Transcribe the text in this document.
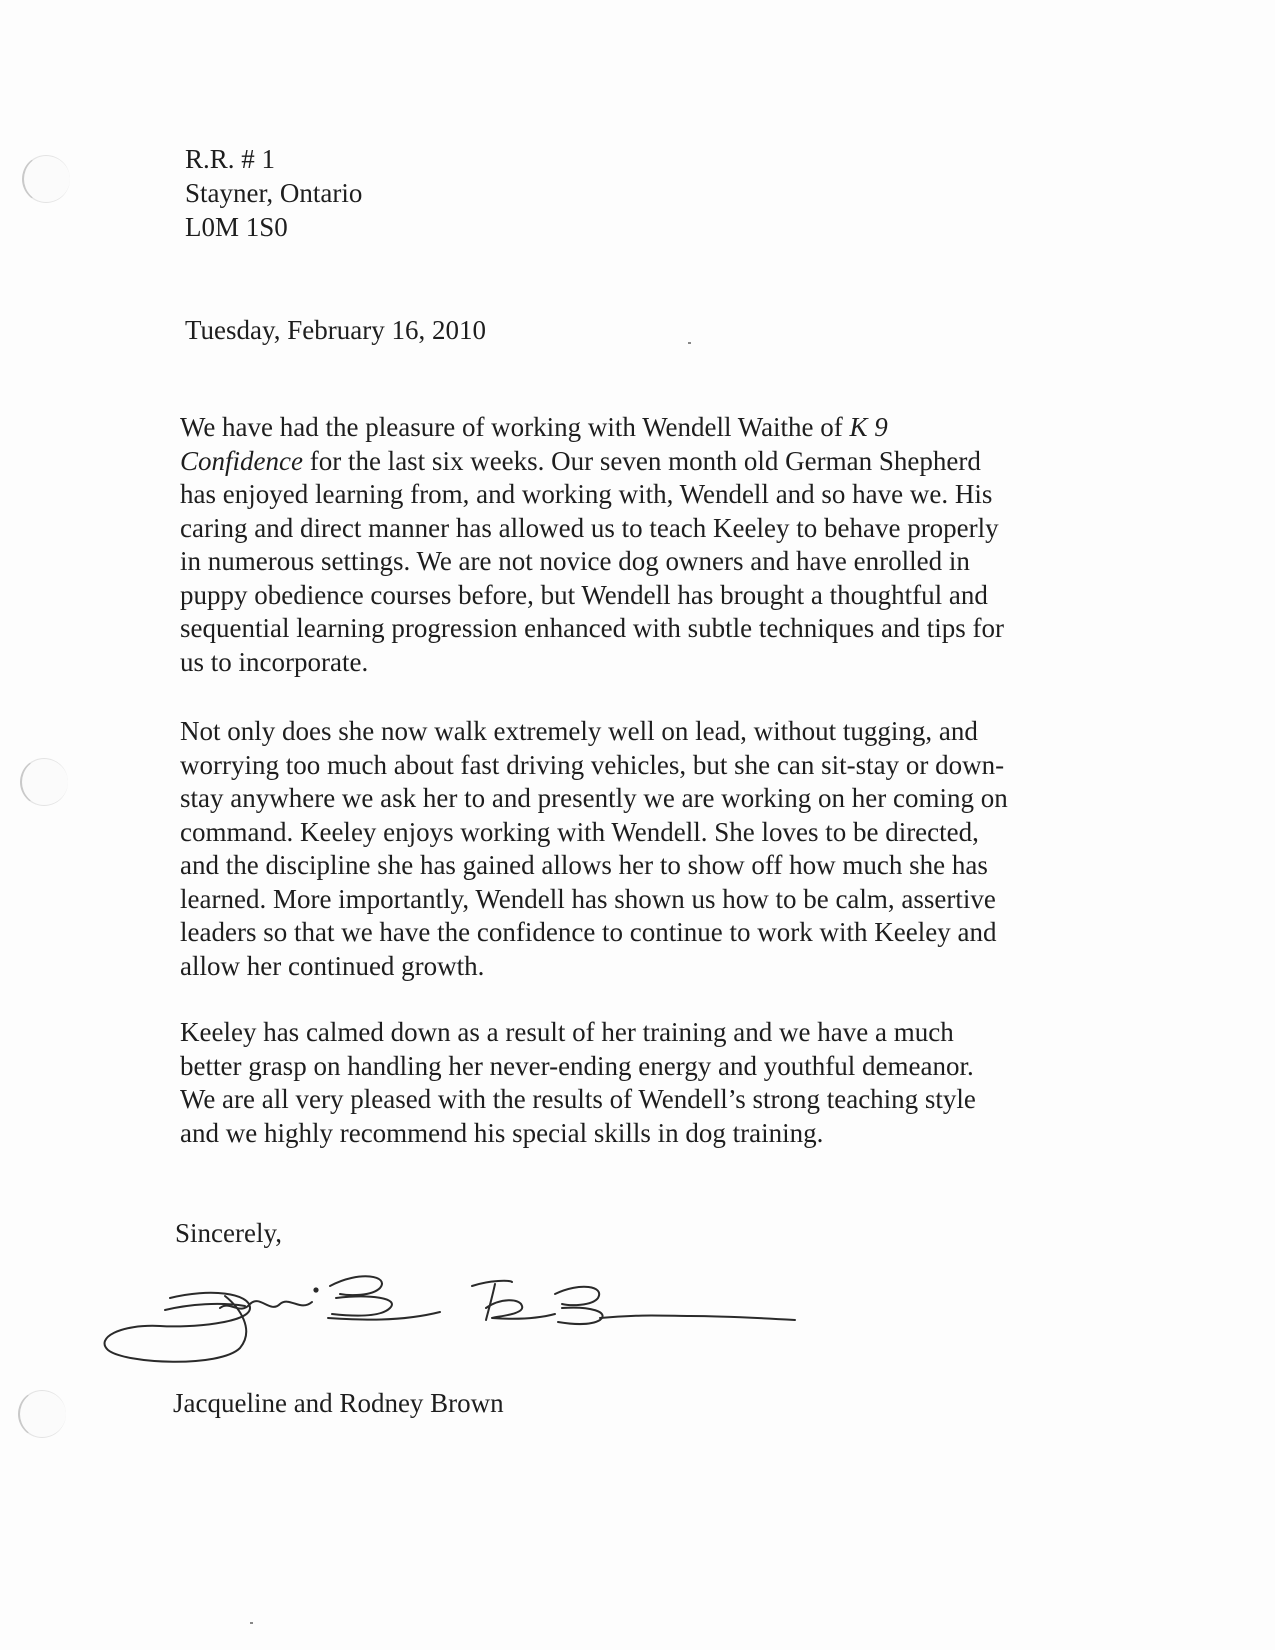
R.R. # 1
Stayner, Ontario
L0M 1S0
Tuesday, February 16, 2010

We have had the pleasure of working with Wendell Waithe of K 9
Confidence for the last six weeks. Our seven month old German Shepherd
has enjoyed learning from, and working with, Wendell and so have we. His
caring and direct manner has allowed us to teach Keeley to behave properly
in numerous settings. We are not novice dog owners and have enrolled in
puppy obedience courses before, but Wendell has brought a thoughtful and
sequential learning progression enhanced with subtle techniques and tips for
us to incorporate.

Not only does she now walk extremely well on lead, without tugging, and
worrying too much about fast driving vehicles, but she can sit-stay or down-
stay anywhere we ask her to and presently we are working on her coming on
command. Keeley enjoys working with Wendell. She loves to be directed,
and the discipline she has gained allows her to show off how much she has
learned. More importantly, Wendell has shown us how to be calm, assertive
leaders so that we have the confidence to continue to work with Keeley and
allow her continued growth.

Keeley has calmed down as a result of her training and we have a much
better grasp on handling her never-ending energy and youthful demeanor.
We are all very pleased with the results of Wendell’s strong teaching style
and we highly recommend his special skills in dog training.

Sincerely,
Jacqueline and Rodney Brown
